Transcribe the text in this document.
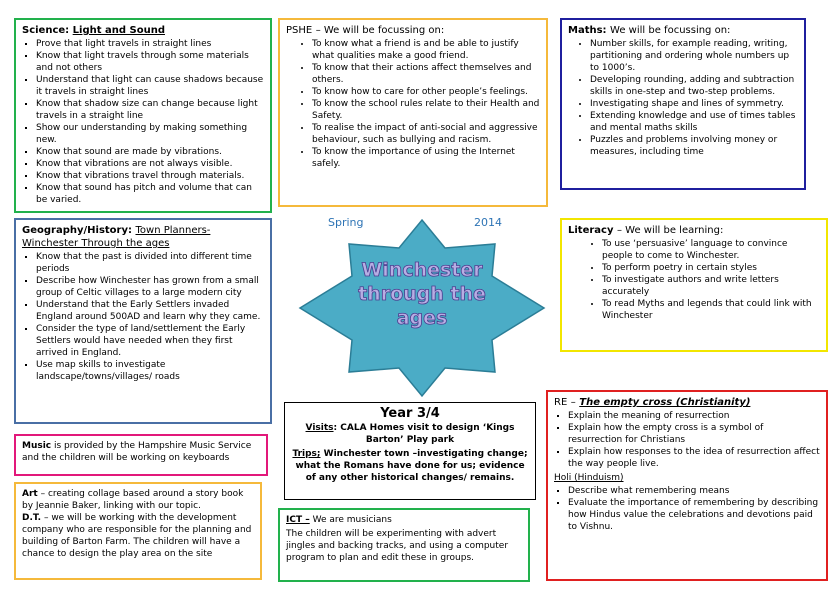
Science: Light and Sound
▪ Prove that light travels in straight lines
▪ Know that light travels through some materials and not others
▪ Understand that light can cause shadows because it travels in straight lines
▪ Know that shadow size can change because light travels in a straight line
▪ Show our understanding by making something new.
▪ Know that sound are made by vibrations.
▪ Know that vibrations are not always visible.
▪ Know that vibrations travel through materials.
▪ Know that sound has pitch and volume that can be varied.
PSHE – We will be focussing on:
• To know what a friend is and be able to justify what qualities make a good friend.
• To know that their actions affect themselves and others.
• To know how to care for other people’s feelings.
• To know the school rules relate to their Health and Safety.
• To realise the impact of anti-social and aggressive behaviour, such as bullying and racism.
• To know the importance of using the Internet safely.
Maths: We will be focussing on:
• Number skills, for example reading, writing, partitioning and ordering whole numbers up to 1000’s.
• Developing rounding, adding and subtraction skills in one-step and two-step problems.
• Investigating shape and lines of symmetry.
• Extending knowledge and use of times tables and mental maths skills
• Puzzles and problems involving money or measures, including time
Geography/History: Town Planners- Winchester Through the ages
▪ Know that the past is divided into different time periods
▪ Describe how Winchester has grown from a small group of Celtic villages to a large modern city
▪ Understand that the Early Settlers invaded England around 500AD and learn why they came.
▪ Consider the type of land/settlement the Early Settlers would have needed when they first arrived in England.
▪ Use map skills to investigate landscape/towns/villages/ roads
Spring	2014
Winchester
through the
ages
Literacy – We will be learning:
• To use ‘persuasive’ language to convince people to come to Winchester.
• To perform poetry in certain styles
• To investigate authors and write letters accurately
• To read Myths and legends that could link with Winchester
Year 3/4
Visits: CALA Homes visit to design ‘Kings Barton’ Play park
Trips; Winchester town –investigating change; what the Romans have done for us; evidence of any other historical changes/ remains.
RE – The empty cross (Christianity)
▪ Explain the meaning of resurrection
▪ Explain how the empty cross is a symbol of resurrection for Christians
▪ Explain how responses to the idea of resurrection affect the way people live.
Holi (Hinduism)
▪ Describe what remembering means
▪ Evaluate the importance of remembering by describing how Hindus value the celebrations and devotions paid to Vishnu.
Music is provided by the Hampshire Music Service and the children will be working on keyboards
Art – creating collage based around a story book by Jeannie Baker, linking with our topic.
D.T. – we will be working with the development company who are responsible for the planning and building of Barton Farm. The children will have a chance to design the play area on the site
ICT – We are musicians
The children will be experimenting with advert jingles and backing tracks, and using a computer program to plan and edit these in groups.
